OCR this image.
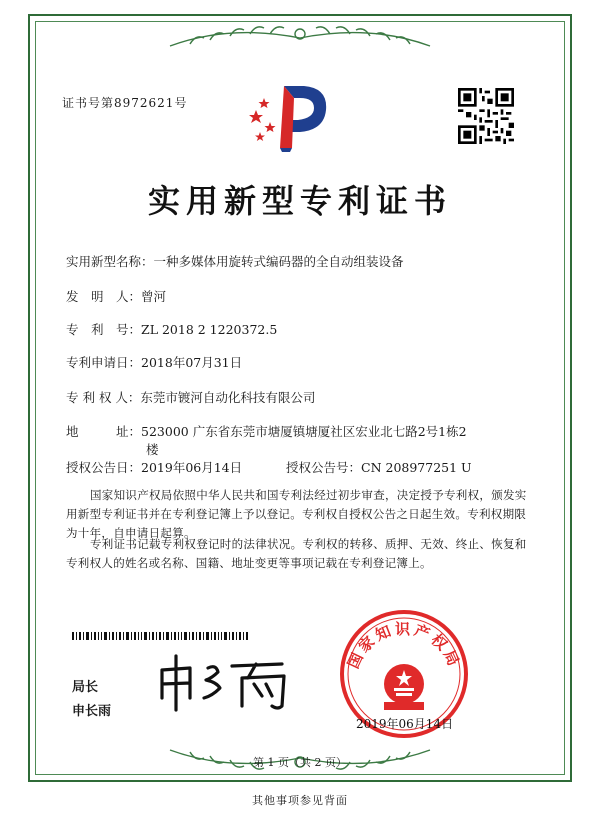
证书号第8972621号
实用新型专利证书
实用新型名称：一种多媒体用旋转式编码器的全自动组装设备
发　明　人：曾河
专　利　号：ZL 2018 2 1220372.5
专利申请日：2018年07月31日
专 利 权 人：东莞市镀河自动化科技有限公司
地　　　址：523000 广东省东莞市塘厦镇塘厦社区宏业北七路2号1栋2
楼
授权公告日：2019年06月14日	授权公告号：CN 208977251 U
国家知识产权局依照中华人民共和国专利法经过初步审查，决定授予专利权，颁发实用新型专利证书并在专利登记簿上予以登记。专利权自授权公告之日起生效。专利权期限为十年，自申请日起算。
专利证书记载专利权登记时的法律状况。专利权的转移、质押、无效、终止、恢复和专利权人的姓名或名称、国籍、地址变更等事项记载在专利登记簿上。
局长
申长雨
国家知识产权局
2019年06月14日
第 1 页（共 2 页）
其他事项参见背面
